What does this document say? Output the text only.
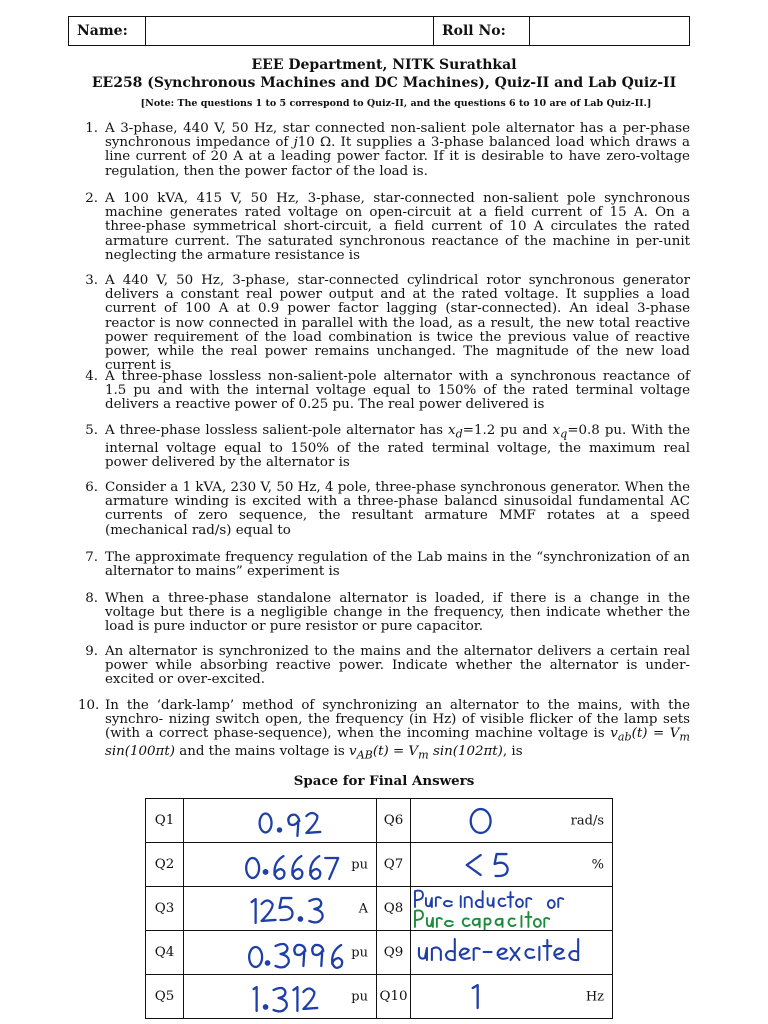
Name:		Roll No:	
EEE Department, NITK Surathkal
EE258 (Synchronous Machines and DC Machines), Quiz-II and Lab Quiz-II
[Note: The questions 1 to 5 correspond to Quiz-II, and the questions 6 to 10 are of Lab Quiz-II.]
1. A 3-phase, 440 V, 50 Hz, star connected non-salient pole alternator has a per-phase synchronous impedance of j10 Ω. It supplies a 3-phase balanced load which draws a line current of 20 A at a leading power factor. If it is desirable to have zero-voltage regulation, then the power factor of the load is.
2. A 100 kVA, 415 V, 50 Hz, 3-phase, star-connected non-salient pole synchronous machine generates rated voltage on open-circuit at a field current of 15 A. On a three-phase symmetrical short-circuit, a field current of 10 A circulates the rated armature current. The saturated synchronous reactance of the machine in per-unit neglecting the armature resistance is
3. A 440 V, 50 Hz, 3-phase, star-connected cylindrical rotor synchronous generator delivers a constant real power output and at the rated voltage. It supplies a load current of 100 A at 0.9 power factor lagging (star-connected). An ideal 3-phase reactor is now connected in parallel with the load, as a result, the new total reactive power requirement of the load combination is twice the previous value of reactive power, while the real power remains unchanged. The magnitude of the new load current is
4. A three-phase lossless non-salient-pole alternator with a synchronous reactance of 1.5 pu and with the internal voltage equal to 150% of the rated terminal voltage delivers a reactive power of 0.25 pu. The real power delivered is
5. A three-phase lossless salient-pole alternator has $x_d=1.2$ pu and $x_q=0.8$ pu. With the internal voltage equal to 150% of the rated terminal voltage, the maximum real power delivered by the alternator is
6. Consider a 1 kVA, 230 V, 50 Hz, 4 pole, three-phase synchronous generator. When the armature winding is excited with a three-phase balancd sinusoidal fundamental AC currents of zero sequence, the resultant armature MMF rotates at a speed (mechanical rad/s) equal to
7. The approximate frequency regulation of the Lab mains in the “synchronization of an alternator to mains” experiment is
8. When a three-phase standalone alternator is loaded, if there is a change in the voltage but there is a negligible change in the frequency, then indicate whether the load is pure inductor or pure resistor or pure capacitor.
9. An alternator is synchronized to the mains and the alternator delivers a certain real power while absorbing reactive power. Indicate whether the alternator is under-excited or over-excited.
10. In the ‘dark-lamp’ method of synchronizing an alternator to the mains, with the synchro- nizing switch open, the frequency (in Hz) of visible flicker of the lamp sets (with a correct phase-sequence), when the incoming machine voltage is $v_{ab}(t) = V_m$ sin(100πt) and the mains voltage is $v_{AB}(t) = V_m$ sin(102πt), is
Space for Final Answers
Q1		Q6	rad/s

Q2	pu	Q7	%

Q3	A	Q8	

Q4	pu	Q9	

Q5	pu	Q10	Hz
